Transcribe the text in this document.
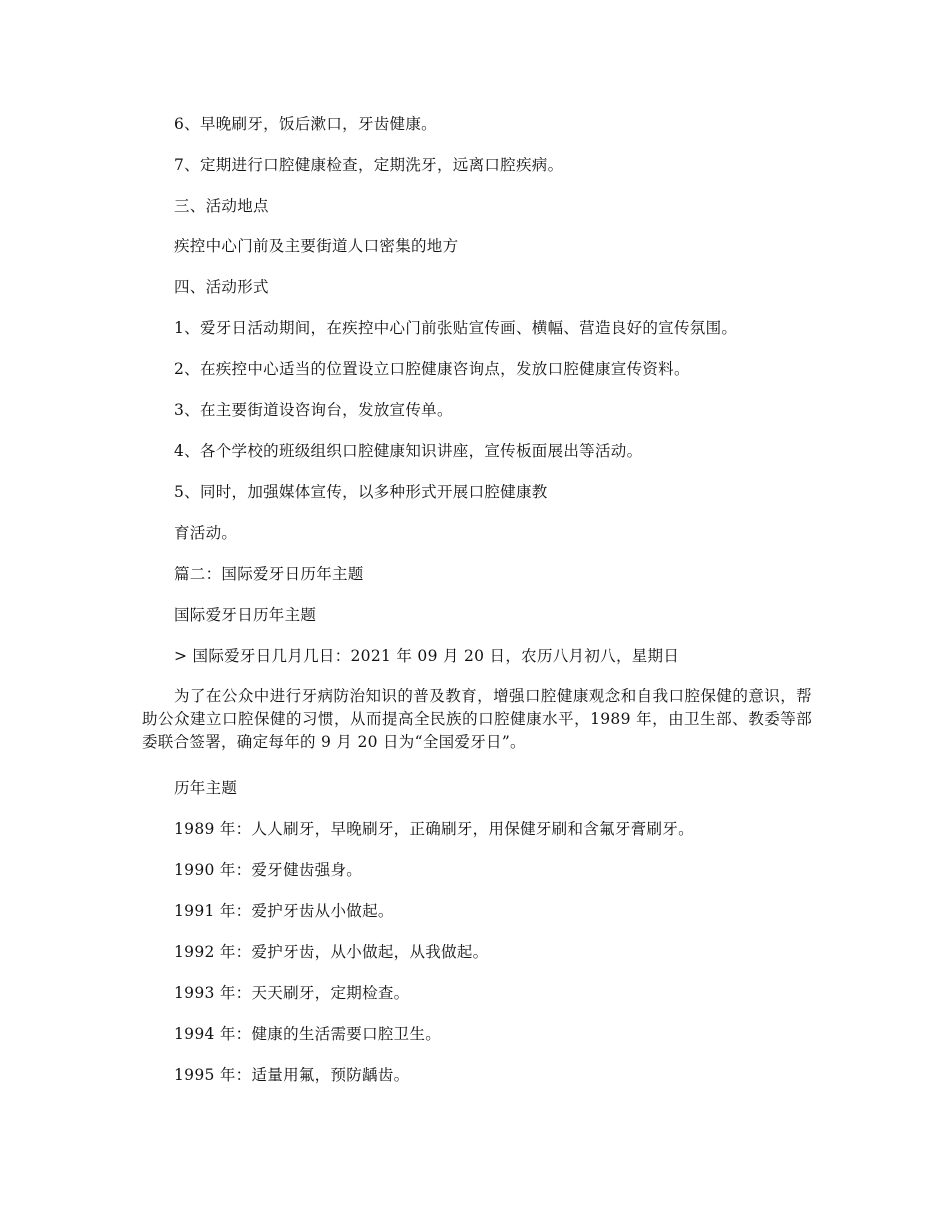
6、早晚刷牙，饭后漱口，牙齿健康。
7、定期进行口腔健康检查，定期洗牙，远离口腔疾病。
三、活动地点
疾控中心门前及主要街道人口密集的地方
四、活动形式
1、爱牙日活动期间，在疾控中心门前张贴宣传画、横幅、营造良好的宣传氛围。
2、在疾控中心适当的位置设立口腔健康咨询点，发放口腔健康宣传资料。
3、在主要街道设咨询台，发放宣传单。
4、各个学校的班级组织口腔健康知识讲座，宣传板面展出等活动。
5、同时，加强媒体宣传，以多种形式开展口腔健康教
育活动。
篇二：国际爱牙日历年主题
国际爱牙日历年主题
> 国际爱牙日几月几日：2021 年 09 月 20 日，农历八月初八，星期日
为了在公众中进行牙病防治知识的普及教育，增强口腔健康观念和自我口腔保健的意识，帮助公众建立口腔保健的习惯，从而提高全民族的口腔健康水平，1989 年，由卫生部、教委等部委联合签署，确定每年的 9 月 20 日为“全国爱牙日”。
历年主题
1989 年：人人刷牙，早晚刷牙，正确刷牙，用保健牙刷和含氟牙膏刷牙。
1990 年：爱牙健齿强身。
1991 年：爱护牙齿从小做起。
1992 年：爱护牙齿，从小做起，从我做起。
1993 年：天天刷牙，定期检查。
1994 年：健康的生活需要口腔卫生。
1995 年：适量用氟，预防龋齿。
